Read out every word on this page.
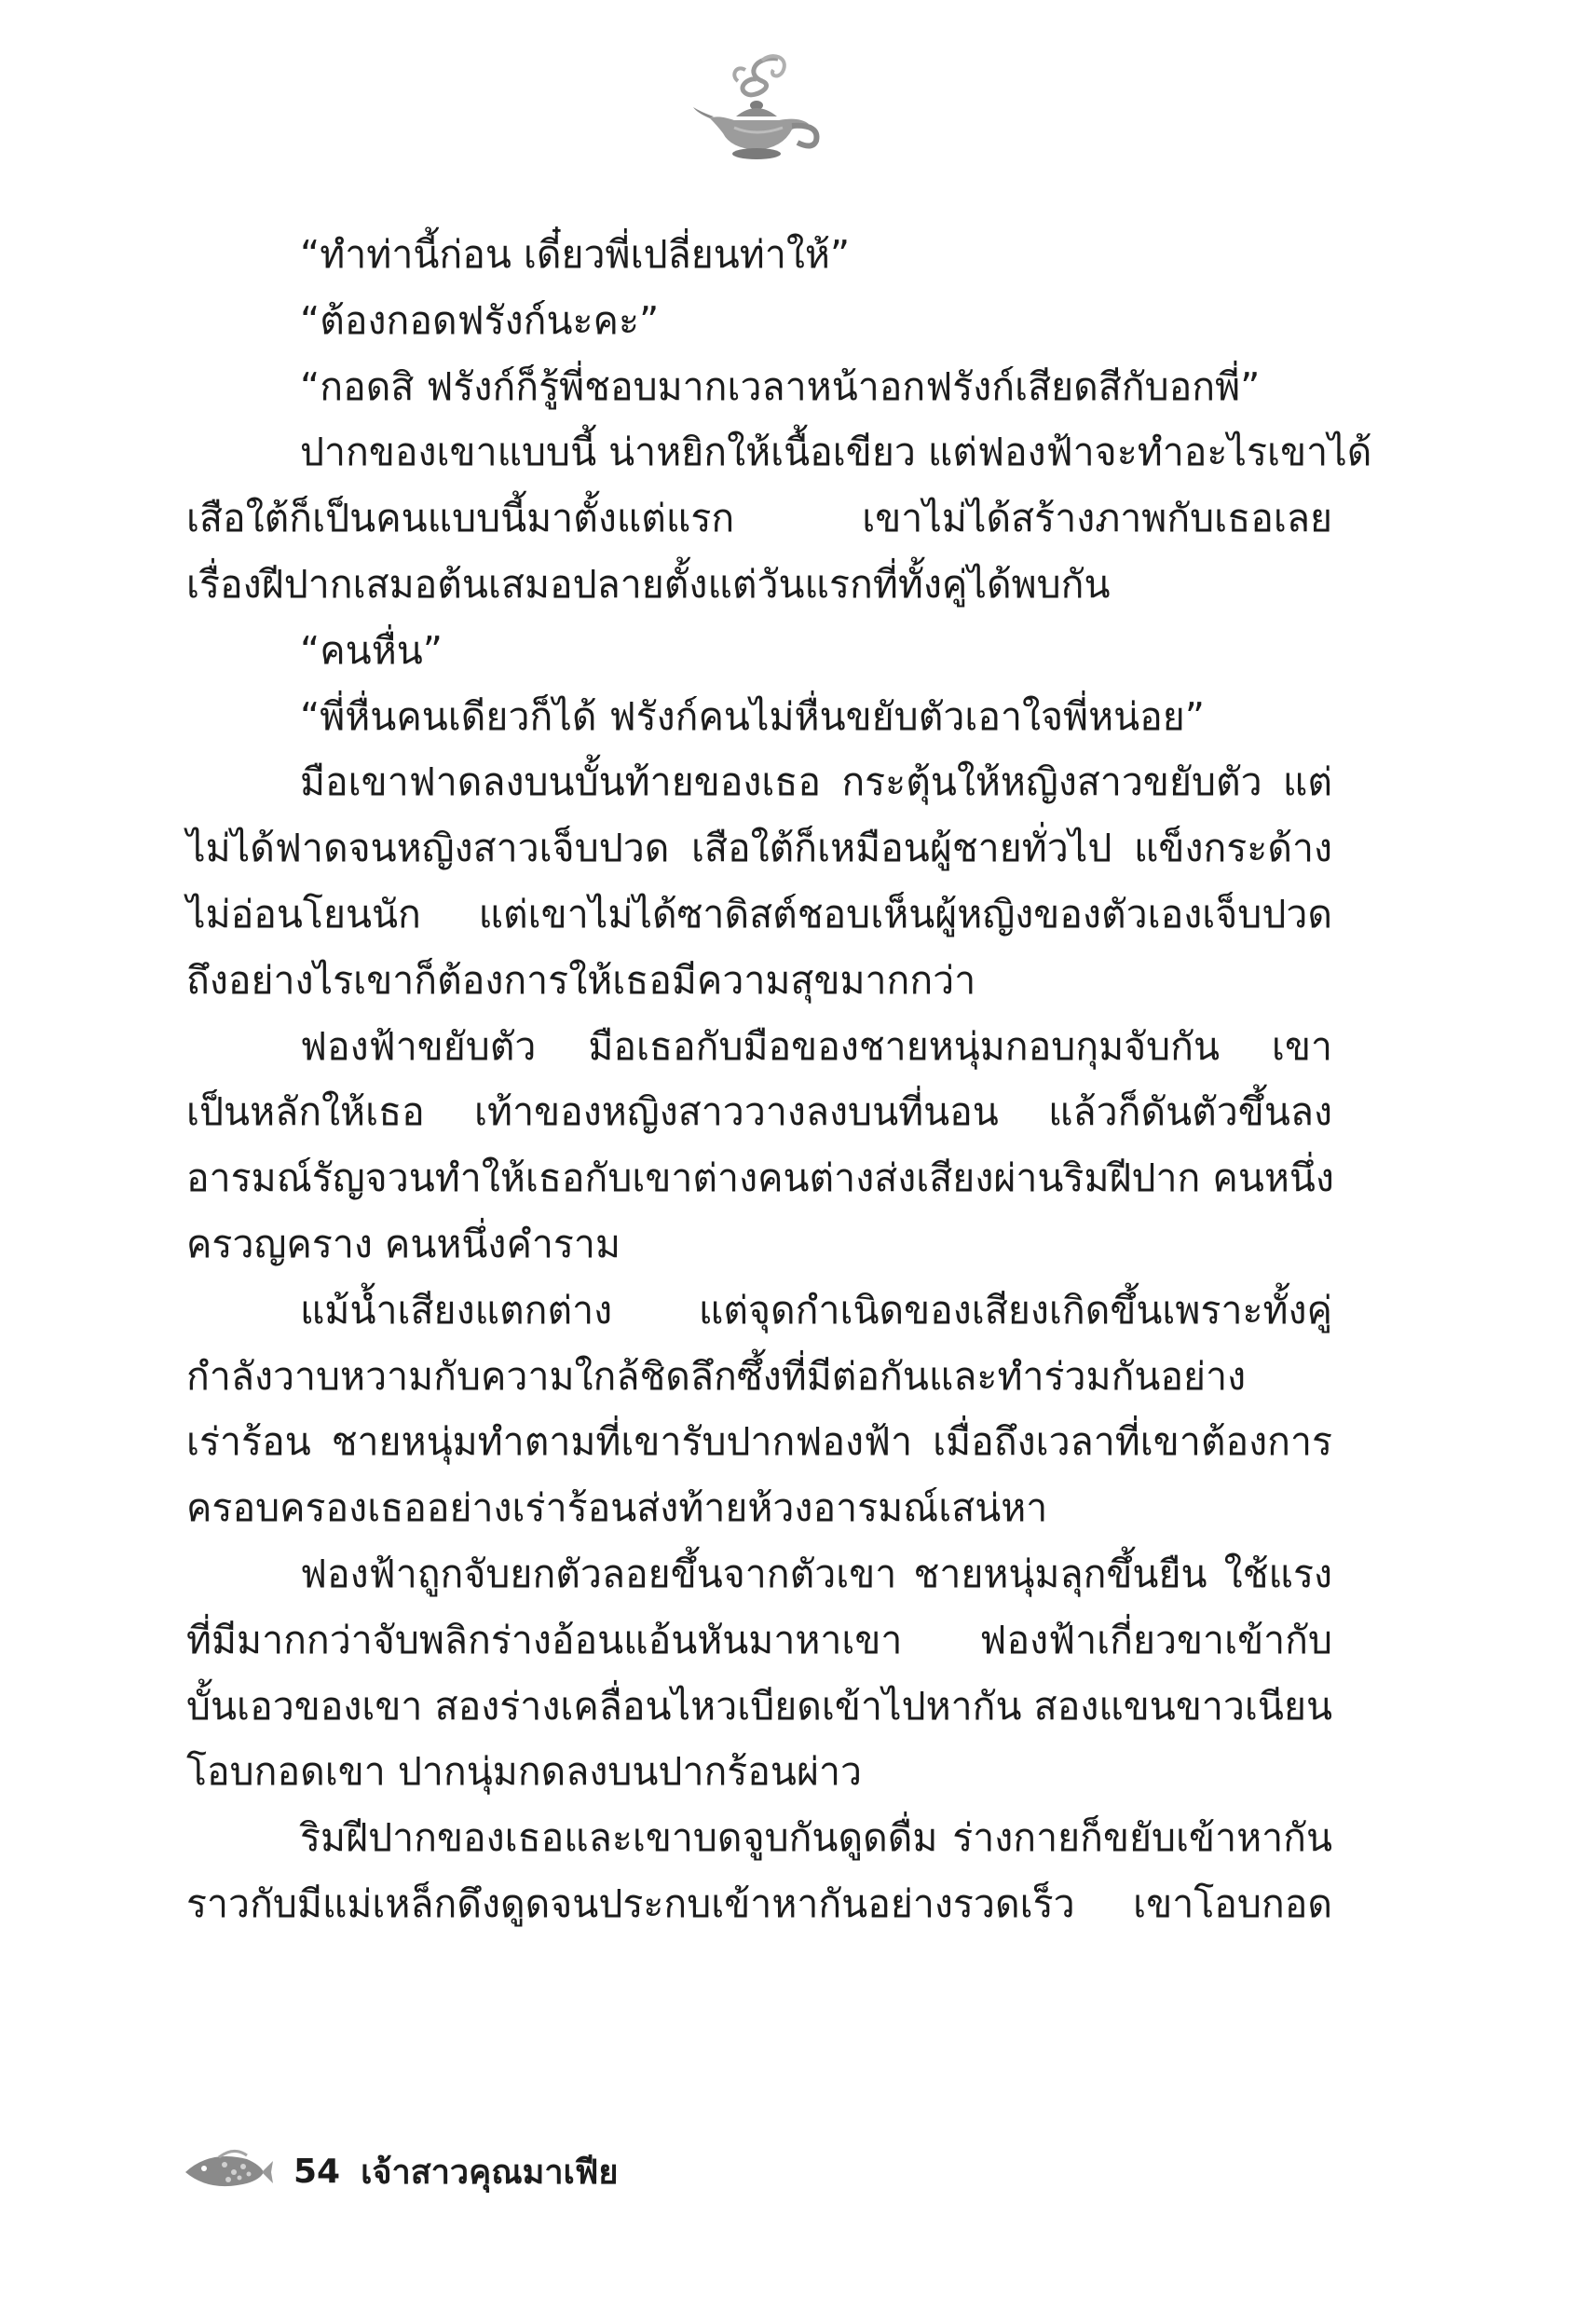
“ทำท่านี้ก่อน เดี๋ยวพี่เปลี่ยนท่าให้”
“ต้องกอดฟรังก์นะคะ”
“กอดสิ ฟรังก์ก็รู้พี่ชอบมากเวลาหน้าอกฟรังก์เสียดสีกับอกพี่”
ปากของเขาแบบนี้ น่าหยิกให้เนื้อเขียว แต่ฟองฟ้าจะทำอะไรเขาได้
เสือใต้ก็เป็นคนแบบนี้มาตั้งแต่แรก เขาไม่ได้สร้างภาพกับเธอเลย
เรื่องฝีปากเสมอต้นเสมอปลายตั้งแต่วันแรกที่ทั้งคู่ได้พบกัน
“คนหื่น”
“พี่หื่นคนเดียวก็ได้ ฟรังก์คนไม่หื่นขยับตัวเอาใจพี่หน่อย”
มือเขาฟาดลงบนบั้นท้ายของเธอ กระตุ้นให้หญิงสาวขยับตัว แต่
ไม่ได้ฟาดจนหญิงสาวเจ็บปวด เสือใต้ก็เหมือนผู้ชายทั่วไป แข็งกระด้าง
ไม่อ่อนโยนนัก แต่เขาไม่ได้ซาดิสต์ชอบเห็นผู้หญิงของตัวเองเจ็บปวด
ถึงอย่างไรเขาก็ต้องการให้เธอมีความสุขมากกว่า
ฟองฟ้าขยับตัว มือเธอกับมือของชายหนุ่มกอบกุมจับกัน เขา
เป็นหลักให้เธอ เท้าของหญิงสาววางลงบนที่นอน แล้วก็ดันตัวขึ้นลง
อารมณ์รัญจวนทำให้เธอกับเขาต่างคนต่างส่งเสียงผ่านริมฝีปาก คนหนึ่ง
ครวญคราง คนหนึ่งคำราม
แม้น้ำเสียงแตกต่าง แต่จุดกำเนิดของเสียงเกิดขึ้นเพราะทั้งคู่
กำลังวาบหวามกับความใกล้ชิดลึกซึ้งที่มีต่อกันและทำร่วมกันอย่าง
เร่าร้อน ชายหนุ่มทำตามที่เขารับปากฟองฟ้า เมื่อถึงเวลาที่เขาต้องการ
ครอบครองเธออย่างเร่าร้อนส่งท้ายห้วงอารมณ์เสน่หา
ฟองฟ้าถูกจับยกตัวลอยขึ้นจากตัวเขา ชายหนุ่มลุกขึ้นยืน ใช้แรง
ที่มีมากกว่าจับพลิกร่างอ้อนแอ้นหันมาหาเขา ฟองฟ้าเกี่ยวขาเข้ากับ
บั้นเอวของเขา สองร่างเคลื่อนไหวเบียดเข้าไปหากัน สองแขนขาวเนียน
โอบกอดเขา ปากนุ่มกดลงบนปากร้อนผ่าว
ริมฝีปากของเธอและเขาบดจูบกันดูดดื่ม ร่างกายก็ขยับเข้าหากัน
ราวกับมีแม่เหล็กดึงดูดจนประกบเข้าหากันอย่างรวดเร็ว เขาโอบกอด
54 เจ้าสาวคุณมาเฟีย
